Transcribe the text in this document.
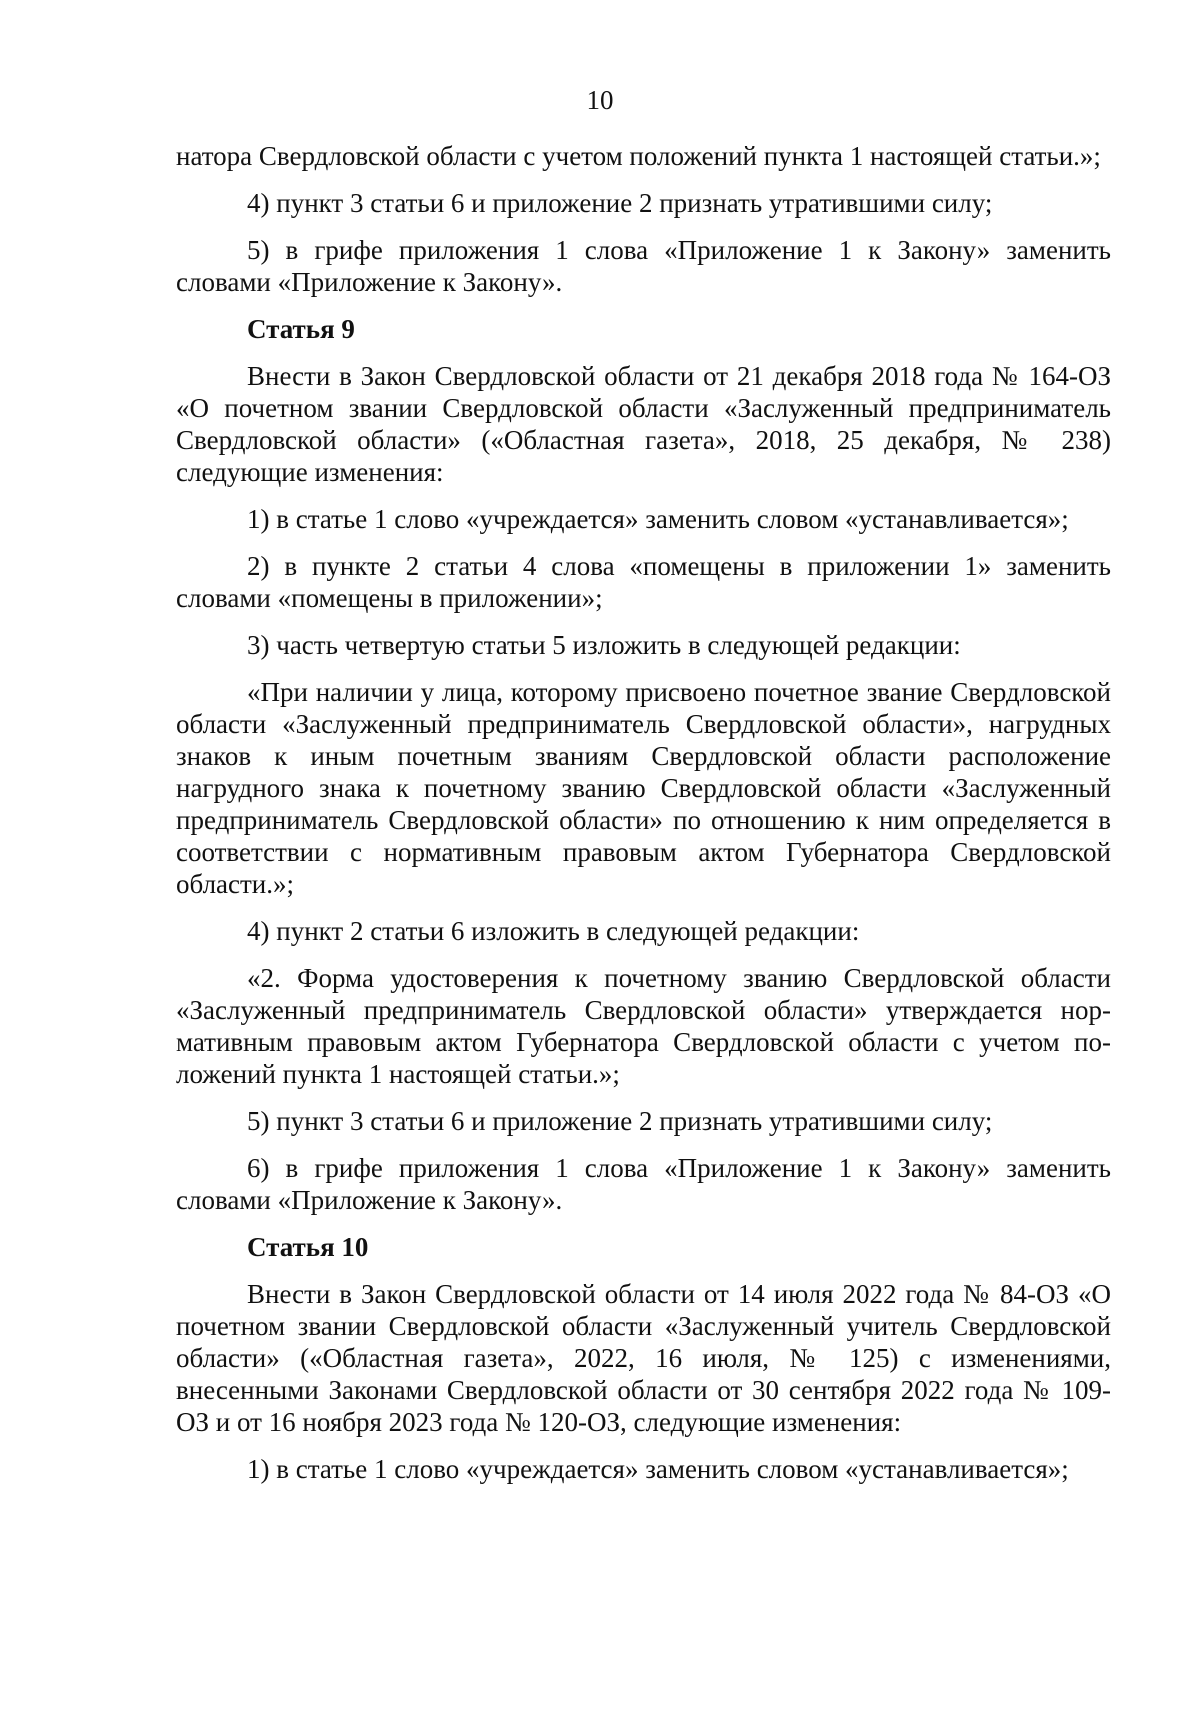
10

натора Свердловской области с учетом положений пункта 1 настоящей статьи.»;

4) пункт 3 статьи 6 и приложение 2 признать утратившими силу;

5) в грифе приложения 1 слова «Приложение 1 к Закону» заменить словами «Приложение к Закону».

Статья 9

Внести в Закон Свердловской области от 21 декабря 2018 года № 164-ОЗ «О почетном звании Свердловской области «Заслуженный предприниматель Свердловской области» («Областная газета», 2018, 25 декабря, № 238) следующие изменения:

1) в статье 1 слово «учреждается» заменить словом «устанавливается»;

2) в пункте 2 статьи 4 слова «помещены в приложении 1» заменить словами «помещены в приложении»;

3) часть четвертую статьи 5 изложить в следующей редакции:

«При наличии у лица, которому присвоено почетное звание Свердловской области «Заслуженный предприниматель Свердловской области», нагрудных знаков к иным почетным званиям Свердловской области расположение нагрудного знака к почетному званию Свердловской области «Заслуженный предприниматель Свердловской области» по отношению к ним определяется в соответствии с нормативным правовым актом Губернатора Свердловской области.»;

4) пункт 2 статьи 6 изложить в следующей редакции:

«2. Форма удостоверения к почетному званию Свердловской области «Заслуженный предприниматель Свердловской области» утверждается нормативным правовым актом Губернатора Свердловской области с учетом положений пункта 1 настоящей статьи.»;

5) пункт 3 статьи 6 и приложение 2 признать утратившими силу;

6) в грифе приложения 1 слова «Приложение 1 к Закону» заменить словами «Приложение к Закону».

Статья 10

Внести в Закон Свердловской области от 14 июля 2022 года № 84-ОЗ «О почетном звании Свердловской области «Заслуженный учитель Свердловской области» («Областная газета», 2022, 16 июля, № 125) с изменениями, внесенными Законами Свердловской области от 30 сентября 2022 года № 109-ОЗ и от 16 ноября 2023 года № 120-ОЗ, следующие изменения:

1) в статье 1 слово «учреждается» заменить словом «устанавливается»;
